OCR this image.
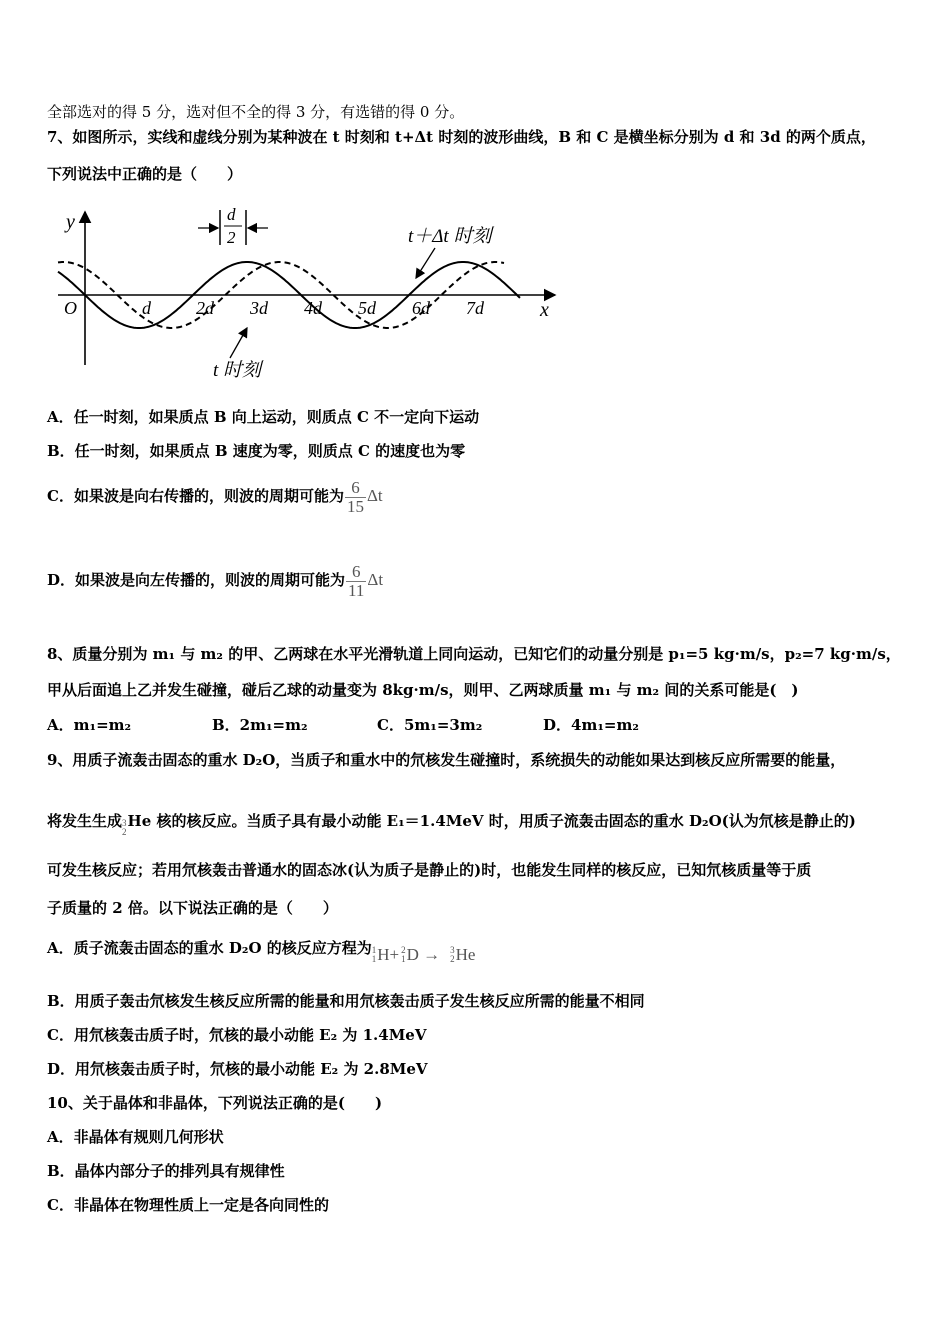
全部选对的得 5 分，选对但不全的得 3 分，有选错的得 0 分。
7、如图所示，实线和虚线分别为某种波在 t 时刻和 t+Δt 时刻的波形曲线，B 和 C 是横坐标分别为 d 和 3d 的两个质点，
下列说法中正确的是（　　）
y
x
O	d	2d 3d 4d 5d 6d 7d
d
2	t＋Δt 时刻
t 时刻
A．任一时刻，如果质点 B 向上运动，则质点 C 不一定向下运动
B．任一时刻，如果质点 B 速度为零，则质点 C 的速度也为零
C．如果波是向右传播的，则波的周期可能为 $\frac{6}{15}$ Δt
D．如果波是向左传播的，则波的周期可能为 $\frac{6}{11}$ Δt
8、质量分别为 m₁ 与 m₂ 的甲、乙两球在水平光滑轨道上同向运动，已知它们的动量分别是 p₁=5 kg·m/s，p₂=7 kg·m/s，
甲从后面追上乙并发生碰撞，碰后乙球的动量变为 8kg·m/s，则甲、乙两球质量 m₁ 与 m₂ 间的关系可能是(　)
A．m₁=m₂	B．2m₁=m₂	C．5m₁=3m₂	D．4m₁=m₂
9、用质子流轰击固态的重水 D₂O，当质子和重水中的氘核发生碰撞时，系统损失的动能如果达到核反应所需要的能量，
将发生生成 3
2
He 核的核反应。当质子具有最小动能 E₁＝1.4MeV 时，用质子流轰击固态的重水 D₂O(认为氘核是静止的)
可发生核反应；若用氘核轰击普通水的固态冰(认为质子是静止的)时，也能发生同样的核反应，已知氘核质量等于质
子质量的 2 倍。以下说法正确的是（　　）
A．质子流轰击固态的重水 D₂O 的核反应方程为 1
1 H+ 2
1 D → 3
2 He
B．用质子轰击氘核发生核反应所需的能量和用氘核轰击质子发生核反应所需的能量不相同
C．用氘核轰击质子时，氘核的最小动能 E₂ 为 1.4MeV
D．用氘核轰击质子时，氘核的最小动能 E₂ 为 2.8MeV
10、关于晶体和非晶体，下列说法正确的是(　　)
A．非晶体有规则几何形状
B．晶体内部分子的排列具有规律性
C．非晶体在物理性质上一定是各向同性的
